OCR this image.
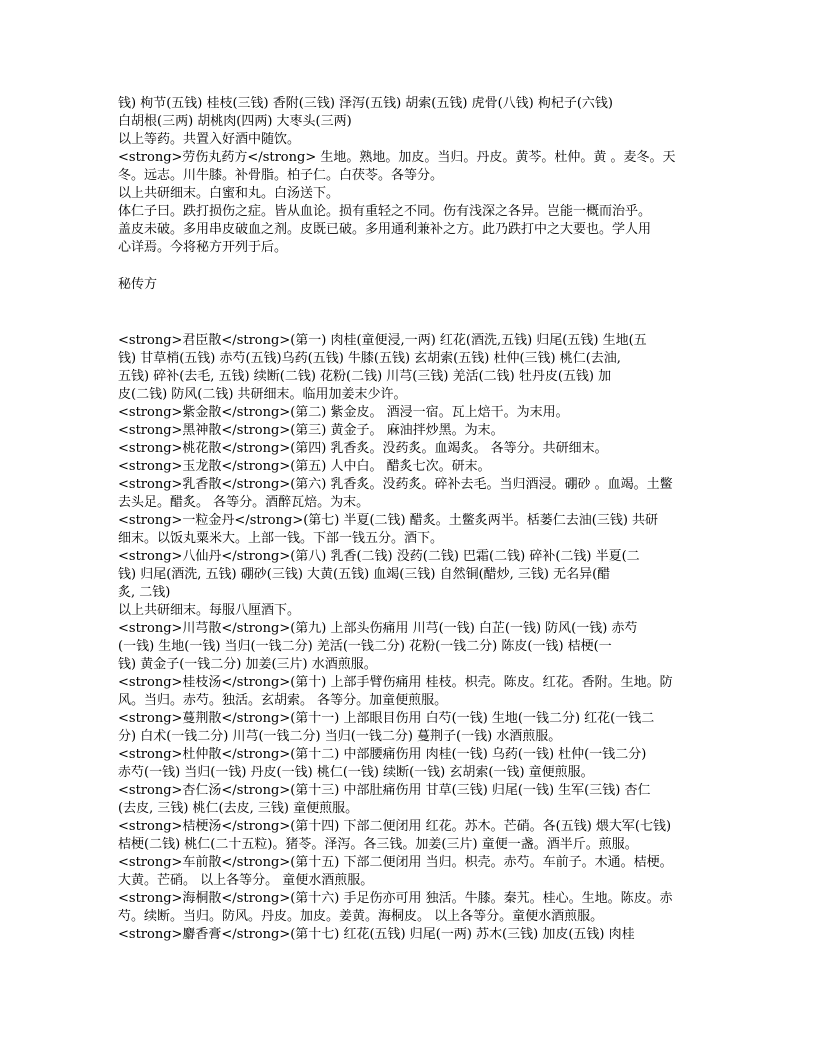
钱) 枸节(五钱) 桂枝(三钱) 香附(三钱) 泽泻(五钱) 胡索(五钱) 虎骨(八钱) 枸杞子(六钱)
白胡根(三两) 胡桃肉(四两) 大枣头(三两)
以上等药。共置入好酒中随饮。
<strong>劳伤丸药方</strong> 生地。熟地。加皮。当归。丹皮。黄芩。杜仲。黄 。麦冬。天
冬。远志。川牛膝。补骨脂。柏子仁。白茯苓。各等分。
以上共研细末。白蜜和丸。白汤送下。
体仁子曰。跌打损伤之症。皆从血论。损有重轻之不同。伤有浅深之各异。岂能一概而治乎。
盖皮未破。多用串皮破血之剂。皮既已破。多用通利兼补之方。此乃跌打中之大要也。学人用
心详焉。今将秘方开列于后。
秘传方
<strong>君臣散</strong>(第一) 肉桂(童便浸,一两) 红花(酒洗,五钱) 归尾(五钱) 生地(五
钱) 甘草梢(五钱) 赤芍(五钱)乌药(五钱) 牛膝(五钱) 玄胡索(五钱) 杜仲(三钱) 桃仁(去油,
五钱) 碎补(去毛, 五钱) 续断(二钱) 花粉(二钱) 川芎(三钱) 羌活(二钱) 牡丹皮(五钱) 加
皮(二钱) 防风(二钱) 共研细末。临用加姜末少许。
<strong>紫金散</strong>(第二) 紫金皮。 酒浸一宿。瓦上焙干。为末用。
<strong>黑神散</strong>(第三) 黄金子。 麻油拌炒黑。为末。
<strong>桃花散</strong>(第四) 乳香炙。没药炙。血竭炙。 各等分。共研细末。
<strong>玉龙散</strong>(第五) 人中白。 醋炙七次。研末。
<strong>乳香散</strong>(第六) 乳香炙。没药炙。碎补去毛。当归酒浸。硼砂 。血竭。土鳖
去头足。醋炙。 各等分。酒醉瓦焙。为末。
<strong>一粒金丹</strong>(第七) 半夏(二钱) 醋炙。土鳖炙两半。栝蒌仁去油(三钱) 共研
细末。以饭丸粟米大。上部一钱。下部一钱五分。酒下。
<strong>八仙丹</strong>(第八) 乳香(二钱) 没药(二钱) 巴霜(二钱) 碎补(二钱) 半夏(二
钱) 归尾(酒洗, 五钱) 硼砂(三钱) 大黄(五钱) 血竭(三钱) 自然铜(醋炒, 三钱) 无名异(醋
炙, 二钱)
以上共研细末。每服八厘酒下。
<strong>川芎散</strong>(第九) 上部头伤痛用 川芎(一钱) 白芷(一钱) 防风(一钱) 赤芍
(一钱) 生地(一钱) 当归(一钱二分) 羌活(一钱二分) 花粉(一钱二分) 陈皮(一钱) 桔梗(一
钱) 黄金子(一钱二分) 加姜(三片) 水酒煎服。
<strong>桂枝汤</strong>(第十) 上部手臂伤痛用 桂枝。枳壳。陈皮。红花。香附。生地。防
风。当归。赤芍。独活。玄胡索。 各等分。加童便煎服。
<strong>蔓荆散</strong>(第十一) 上部眼目伤用 白芍(一钱) 生地(一钱二分) 红花(一钱二
分) 白术(一钱二分) 川芎(一钱二分) 当归(一钱二分) 蔓荆子(一钱) 水酒煎服。
<strong>杜仲散</strong>(第十二) 中部腰痛伤用 肉桂(一钱) 乌药(一钱) 杜仲(一钱二分)
赤芍(一钱) 当归(一钱) 丹皮(一钱) 桃仁(一钱) 续断(一钱) 玄胡索(一钱) 童便煎服。
<strong>杏仁汤</strong>(第十三) 中部肚痛伤用 甘草(三钱) 归尾(一钱) 生军(三钱) 杏仁
(去皮, 三钱) 桃仁(去皮, 三钱) 童便煎服。
<strong>桔梗汤</strong>(第十四) 下部二便闭用 红花。苏木。芒硝。各(五钱) 煨大军(七钱)
桔梗(二钱) 桃仁(二十五粒)。猪苓。泽泻。各三钱。加姜(三片) 童便一盏。酒半斤。煎服。
<strong>车前散</strong>(第十五) 下部二便闭用 当归。枳壳。赤芍。车前子。木通。桔梗。
大黄。芒硝。 以上各等分。 童便水酒煎服。
<strong>海桐散</strong>(第十六) 手足伤亦可用 独活。牛膝。秦艽。桂心。生地。陈皮。赤
芍。续断。当归。防风。丹皮。加皮。姜黄。海桐皮。 以上各等分。童便水酒煎服。
<strong>麝香膏</strong>(第十七) 红花(五钱) 归尾(一两) 苏木(三钱) 加皮(五钱) 肉桂
